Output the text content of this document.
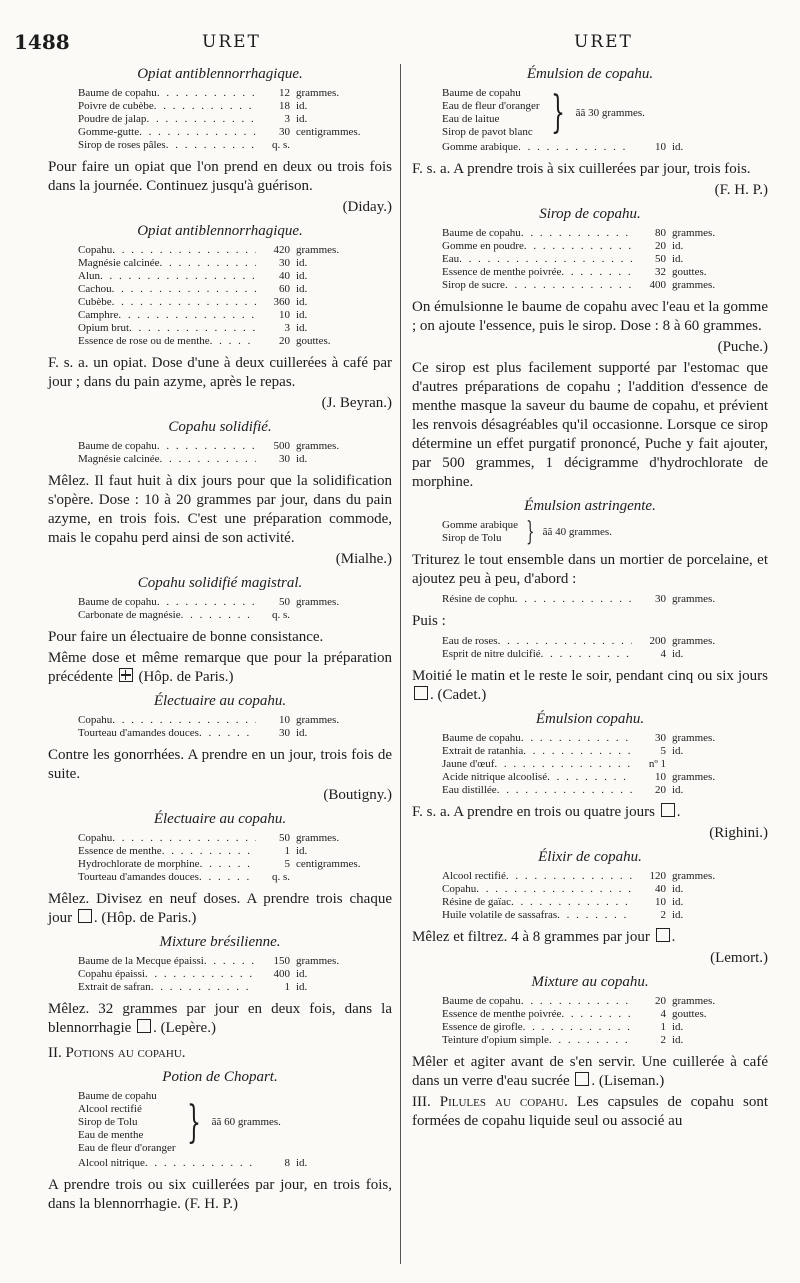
1488	URET	URET
Opiat antiblennorrhagique.
Baume de copahu . . .	12 grammes.
Poivre de cubèbe . . .	18 id.
Poudre de jalap . . .	3 id.
Gomme-gutte . . .	30 centigrammes.
Sirop de roses pâles . . .	q. s.
Pour faire un opiat que l'on prend en deux ou trois fois dans la journée. Continuez jusqu'à guérison.
(Diday.)
Opiat antiblennorrhagique.
Copahu . . .	420 grammes.
Magnésie calcinée . . .	30 id.
Alun . . .	40 id.
Cachou . . .	60 id.
Cubèbe . . .	360 id.
Camphre . . .	10 id.
Opium brut . . .	3 id.
Essence de rose ou de menthe . . .	20 gouttes.
F. s. a. un opiat. Dose d'une à deux cuillerées à café par jour ; dans du pain azyme, après le repas.
(J. Beyran.)
Copahu solidifié.
Baume de copahu . . .	500 grammes.
Magnésie calcinée . . .	30 id.
Mêlez. Il faut huit à dix jours pour que la solidification s'opère. Dose : 10 à 20 grammes par jour, dans du pain azyme, en trois fois. C'est une préparation commode, mais le copahu perd ainsi de son activité.
(Mialhe.)
Copahu solidifié magistral.
Baume de copahu . . .	50 grammes.
Carbonate de magnésie . . .	q. s.
Pour faire un électuaire de bonne consistance.
Même dose et même remarque que pour la préparation précédente (Hôp. de Paris.)
Électuaire au copahu.
Copahu . . .	10 grammes.
Tourteau d'amandes douces . . .	30 id.
Contre les gonorrhées. A prendre en un jour, trois fois de suite.
(Boutigny.)
Électuaire au copahu.
Copahu . . .	50 grammes.
Essence de menthe . . .	1 id.
Hydrochlorate de morphine . . .	5 centigrammes.
Tourteau d'amandes douces . . .	q. s.
Mêlez. Divisez en neuf doses. A prendre trois chaque jour . (Hôp. de Paris.)
Mixture brésilienne.
Baume de la Mecque épaissi . . .	150 grammes.
Copahu épaissi . . .	400 id.
Extrait de safran . . .	1 id.
Mêlez. 32 grammes par jour en deux fois, dans la blennorrhagie . (Lepère.)
II. Potions au copahu.
Potion de Chopart.
Baume de copahu
Alcool rectifié
Sirop de Tolu
Eau de menthe
Eau de fleur d'oranger
} ãã 60 grammes.
Alcool nitrique . . .	8 id.
A prendre trois ou six cuillerées par jour, en trois fois, dans la blennorrhagie. (F. H. P.)
Émulsion de copahu.
Baume de copahu
Eau de fleur d'oranger
Eau de laitue
Sirop de pavot blanc } ãã 30 grammes.
Gomme arabique . . .	10 id.
F. s. a. A prendre trois à six cuillerées par jour, trois fois.
(F. H. P.)
Sirop de copahu.
Baume de copahu . . .	80 grammes.
Gomme en poudre . . .	20 id.
Eau . . .	50 id.
Essence de menthe poivrée . . .	32 gouttes.
Sirop de sucre . . .	400 grammes.
On émulsionne le baume de copahu avec l'eau et la gomme ; on ajoute l'essence, puis le sirop. Dose : 8 à 60 grammes.
(Puche.)
Ce sirop est plus facilement supporté par l'estomac que d'autres préparations de copahu ; l'addition d'essence de menthe masque la saveur du baume de copahu, et prévient les renvois désagréables qu'il occasionne. Lorsque ce sirop détermine un effet purgatif prononcé, Puche y fait ajouter, par 500 grammes, 1 décigramme d'hydrochlorate de morphine.
Émulsion astringente.
Gomme arabique
Sirop de Tolu } ãã 40 grammes.
Triturez le tout ensemble dans un mortier de porcelaine, et ajoutez peu à peu, d'abord :
Résine de cophu . . .	30 grammes.
Puis :
Eau de roses . . .	200 grammes.
Esprit de nitre dulcifié . . .	4 id.
Moitié le matin et le reste le soir, pendant cinq ou six jours . (Cadet.)
Émulsion copahu.
Baume de copahu . . .	30 grammes.
Extrait de ratanhia . . .	5 id.
Jaune d'œuf . . .	nº 1
Acide nitrique alcoolisé . . .	10 grammes.
Eau distillée . . .	20 id.
F. s. a. A prendre en trois ou quatre jours .
(Righini.)
Élixir de copahu.
Alcool rectifié . . .	120 grammes.
Copahu . . .	40 id.
Résine de gaïac . . .	10 id.
Huile volatile de sassafras . . .	2 id.
Mêlez et filtrez. 4 à 8 grammes par jour .
(Lemort.)
Mixture au copahu.
Baume de copahu . . .	20 grammes.
Essence de menthe poivrée . . .	4 gouttes.
Essence de girofle . . .	1 id.
Teinture d'opium simple . . .	2 id.
Mêler et agiter avant de s'en servir. Une cuillerée à café dans un verre d'eau sucrée . (Liseman.)
III. Pilules au copahu. Les capsules de copahu sont formées de copahu liquide seul ou associé au
